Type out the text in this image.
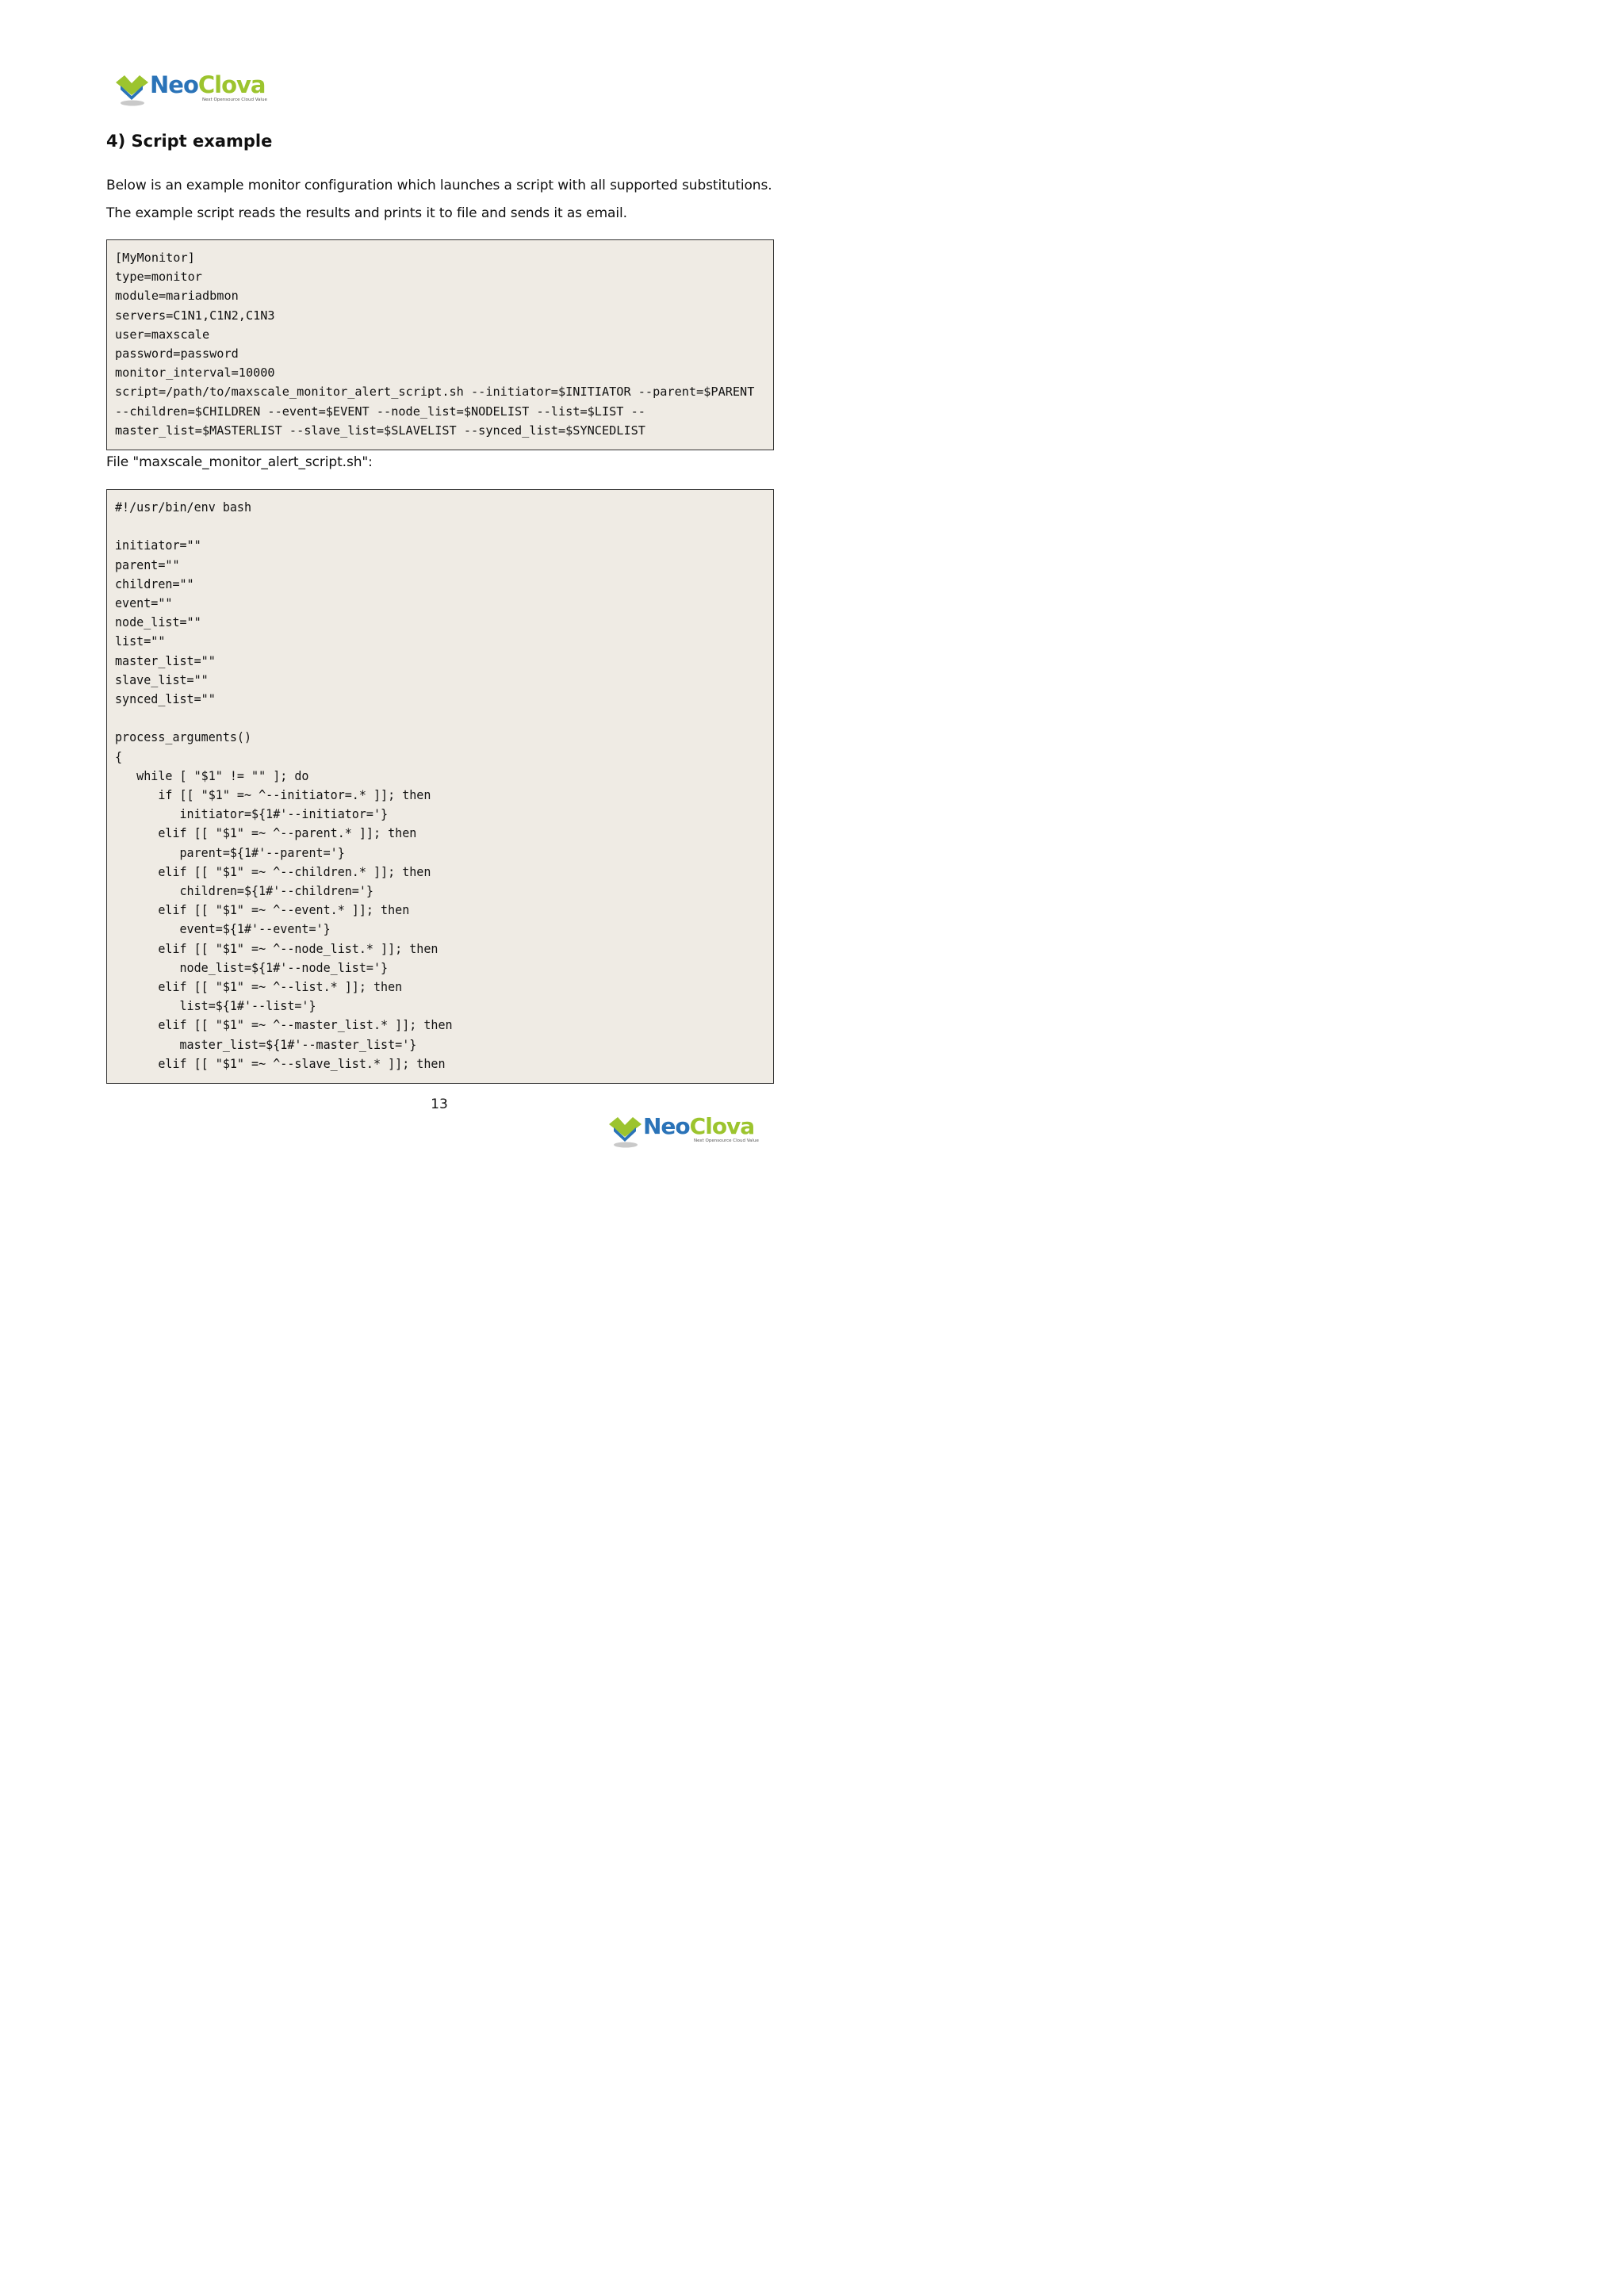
NeoClova
Next Opensource Cloud Value
4) Script example

Below is an example monitor configuration which launches a script with all supported substitutions.

The example script reads the results and prints it to file and sends it as email.

[MyMonitor]
type=monitor
module=mariadbmon
servers=C1N1,C1N2,C1N3
user=maxscale
password=password
monitor_interval=10000
script=/path/to/maxscale_monitor_alert_script.sh --initiator=$INITIATOR --parent=$PARENT
--children=$CHILDREN --event=$EVENT --node_list=$NODELIST --list=$LIST --
master_list=$MASTERLIST --slave_list=$SLAVELIST --synced_list=$SYNCEDLIST

File "maxscale_monitor_alert_script.sh":

#!/usr/bin/env bash

initiator=""
parent=""
children=""
event=""
node_list=""
list=""
master_list=""
slave_list=""
synced_list=""

process_arguments()
{
while [ "$1" != "" ]; do
if [[ "$1" =~ ^--initiator=.* ]]; then
initiator=${1#'--initiator='}
elif [[ "$1" =~ ^--parent.* ]]; then
parent=${1#'--parent='}
elif [[ "$1" =~ ^--children.* ]]; then
children=${1#'--children='}
elif [[ "$1" =~ ^--event.* ]]; then
event=${1#'--event='}
elif [[ "$1" =~ ^--node_list.* ]]; then
node_list=${1#'--node_list='}
elif [[ "$1" =~ ^--list.* ]]; then
list=${1#'--list='}
elif [[ "$1" =~ ^--master_list.* ]]; then
master_list=${1#'--master_list='}
elif [[ "$1" =~ ^--slave_list.* ]]; then
13
NeoClova
Next Opensource Cloud Value
